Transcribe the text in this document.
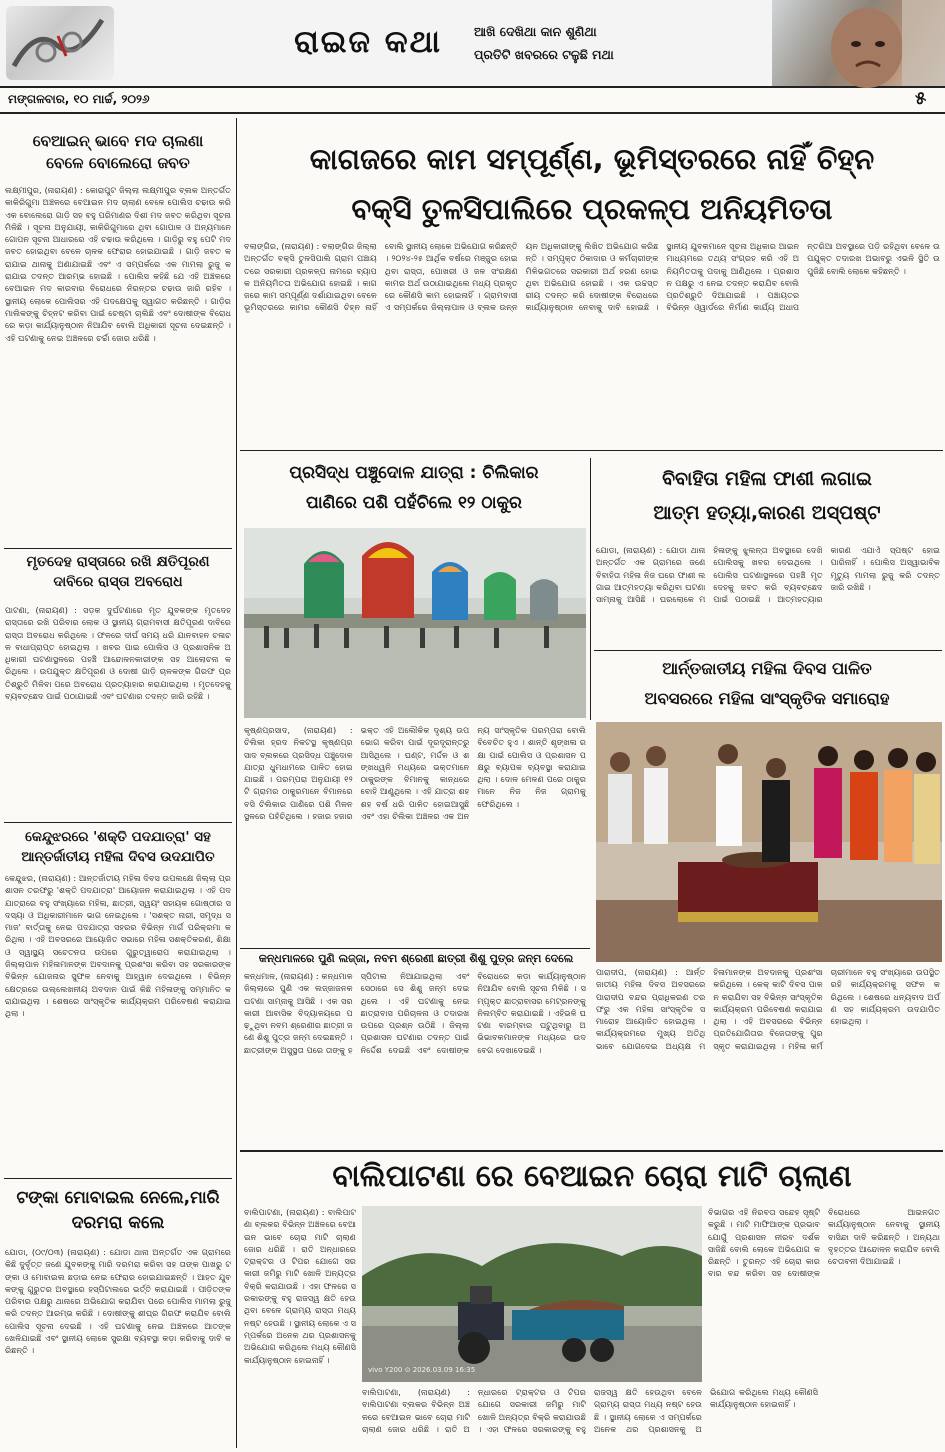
ରାଇଜ କଥା	ଆଖି ଦେଖିଥା କାନ ଶୁଣିଥା
ପ୍ରତିଟି ଖବରରେ ଟଳୁଛି ମଥା
ମଙ୍ଗଳବାର, ୧୦ ମାର୍ଚ୍ଚ, ୨୦୨୬	୫
ବେଆଇନ୍ ଭାବେ ମଦ ଚାଲଣା
ବେଳେ ବୋଲେରୋ ଜବତ
ଲକ୍ଷ୍ମୀପୁର, (ନାରାୟଣ) : କୋରାପୁଟ ଜିଲ୍ଲା ଲକ୍ଷ୍ମୀପୁର ବ୍ଲକ ଅନ୍ତର୍ଗତ କାକିରିଗୁମା ଅଞ୍ଚଳରେ ବେଆଇନ ମଦ ଚାଲାଣ ବେଳେ ପୋଲିସ ଚଢାଉ କରି ଏକ ବୋଲେରୋ ଗାଡ଼ି ସହ ବହୁ ପରିମାଣର ଦିଶୀ ମଦ ଜବତ କରିଥିବା ସୂଚନା ମିଳିଛି । ସୂଚନା ଅନୁଯାୟୀ, କାକିରିଗୁମାରେ ଥିବା ଗୋପାଳ ଓ ଅନ୍ୟମାନେ ଗୋପନ ସୂଚନା ଆଧାରରେ ଏହି ଚଢାଉ କରିଥିଲେ । ଗାଡ଼ିରୁ ବହୁ ପେଟି ମଦ ଜବତ ହୋଇଥିବା ବେଳେ ଚାଳକ ଫେରାର ହୋଇଯାଇଛି । ଗାଡ଼ି ଜବତ କରାଯାଇ ଥାନାକୁ ଅଣାଯାଇଛି ଏବଂ ଏ ସମ୍ପର୍କରେ ଏକ ମାମଲା ରୁଜୁ କରାଯାଇ ତଦନ୍ତ ଆରମ୍ଭ ହୋଇଛି । ପୋଲିସ କହିଛି ଯେ ଏହି ଅଞ୍ଚଳରେ ବେଆଇନ ମଦ କାରବାର ବିରୋଧରେ ନିରନ୍ତର ଚଢାଉ ଜାରି ରହିବ । ସ୍ଥାନୀୟ ଲୋକେ ପୋଲିସର ଏହି ପଦକ୍ଷେପକୁ ସ୍ୱାଗତ କରିଛନ୍ତି । ଗାଡ଼ିର ମାଲିକଙ୍କୁ ଚିହ୍ନଟ କରିବା ପାଇଁ ଚେଷ୍ଟା ଚାଲିଛି ଏବଂ ଦୋଷୀଙ୍କ ବିରୋଧରେ କଡ଼ା କାର୍ଯ୍ୟାନୁଷ୍ଠାନ ନିଆଯିବ ବୋଲି ଅଧିକାରୀ ସୂଚନା ଦେଇଛନ୍ତି । ଏହି ଘଟଣାକୁ ନେଇ ଅଞ୍ଚଳରେ ଚର୍ଚ୍ଚା ଜୋର ଧରିଛି ।
ମୃତଦେହ ରାସ୍ତାରେ ରଖି କ୍ଷତିପୂରଣ
ଦାବିରେ ରାସ୍ତା ଅବରୋଧ
ପାଟଣା, (ନାରାୟଣ) : ସଡ଼କ ଦୁର୍ଘଟଣାରେ ମୃତ ଯୁବକଙ୍କ ମୃତଦେହ ରାସ୍ତାରେ ରଖି ପରିବାର ଲୋକ ଓ ସ୍ଥାନୀୟ ଗ୍ରାମବାସୀ କ୍ଷତିପୂରଣ ଦାବିରେ ରାସ୍ତା ଅବରୋଧ କରିଥିଲେ । ଫଳରେ ଦୀର୍ଘ ସମୟ ଧରି ଯାନବାହନ ଚଳାଚଳ ବାଧାପ୍ରାପ୍ତ ହୋଇଥିଲା । ଖବର ପାଇ ପୋଲିସ ଓ ପ୍ରଶାସନିକ ଅଧିକାରୀ ଘଟଣାସ୍ଥଳରେ ପହଞ୍ଚି ଆନ୍ଦୋଳନକାରୀଙ୍କ ସହ ଆଲୋଚନା କରିଥିଲେ । ଉପଯୁକ୍ତ କ୍ଷତିପୂରଣ ଓ ଦୋଷୀ ଗାଡ଼ି ଚାଳକଙ୍କ ଗିରଫ ପ୍ରତିଶ୍ରୁତି ମିଳିବା ପରେ ଅବରୋଧ ପ୍ରତ୍ୟାହାର କରାଯାଇଥିଲା । ମୃତଦେହକୁ ବ୍ୟବଚ୍ଛେଦ ପାଇଁ ପଠାଯାଇଛି ଏବଂ ଘଟଣାର ତଦନ୍ତ ଜାରି ରହିଛି ।
କେନ୍ଦୁଝରରେ 'ଶକ୍ତି ପଦଯାତ୍ରା' ସହ
ଆନ୍ତର୍ଜାତୀୟ ମହିଳା ଦିବସ ଉଦଯାପିତ
କେନ୍ଦୁଝର, (ନାରାୟଣ) : ଆନ୍ତର୍ଜାତୀୟ ମହିଳା ଦିବସ ଉପଲକ୍ଷେ ଜିଲ୍ଲା ପ୍ରଶାସନ ତରଫରୁ 'ଶକ୍ତି ପଦଯାତ୍ରା' ଆୟୋଜନ କରାଯାଇଥିଲା । ଏହି ପଦଯାତ୍ରାରେ ବହୁ ସଂଖ୍ୟାରେ ମହିଳା, ଛାତ୍ରୀ, ସ୍ୱୟଂ ସହାୟକ ଗୋଷ୍ଠୀର ସଦସ୍ୟା ଓ ଅଧିକାରୀମାନେ ଭାଗ ନେଇଥିଲେ । 'ସଶକ୍ତ ନାରୀ, ସମୃଦ୍ଧ ସମାଜ' ବାର୍ତ୍ତାକୁ ନେଇ ପଦଯାତ୍ରା ସହରର ବିଭିନ୍ନ ମାର୍ଗ ପରିକ୍ରମା କରିଥିଲା । ଏହି ଅବସରରେ ଆୟୋଜିତ ସଭାରେ ମହିଳା ସଶକ୍ତିକରଣ, ଶିକ୍ଷା ଓ ସ୍ୱାସ୍ଥ୍ୟ ସଚେତନତା ଉପରେ ଗୁରୁତ୍ୱାରୋପ କରାଯାଇଥିଲା । ଜିଲ୍ଲାପାଳ ମହିଳାମାନଙ୍କ ଅବଦାନକୁ ପ୍ରଶଂସା କରିବା ସହ ସରକାରଙ୍କ ବିଭିନ୍ନ ଯୋଜନାର ସୁଫଳ ନେବାକୁ ଆହ୍ୱାନ ଦେଇଥିଲେ । ବିଭିନ୍ନ କ୍ଷେତ୍ରରେ ଉଲ୍ଲେଖନୀୟ ଅବଦାନ ପାଇଁ କିଛି ମହିଳାଙ୍କୁ ସମ୍ମାନିତ କରାଯାଇଥିଲା । ଶେଷରେ ସାଂସ୍କୃତିକ କାର୍ଯ୍ୟକ୍ରମ ପରିବେଷଣ କରାଯାଇଥିଲା ।
ଟଙ୍କା ମୋବାଇଲ ନେଲେ,ମାରି
ଦରମରା କଲେ
ଯୋଡା, (୦୯/୦୩) (ନାରାୟଣ) : ଯୋଡା ଥାନା ଅନ୍ତର୍ଗତ ଏକ ଗ୍ରାମରେ କିଛି ଦୁର୍ବୃତ୍ତ ଜଣେ ଯୁବକଙ୍କୁ ମାରି ଦରମରା କରିବା ସହ ତାଙ୍କ ପାଖରୁ ଟଙ୍କା ଓ ମୋବାଇଲ ଛଡ଼ାଇ ନେଇ ଫେରାର ହୋଇଯାଇଛନ୍ତି । ଆହତ ଯୁବକଙ୍କୁ ଗୁରୁତର ଅବସ୍ଥାରେ ହସ୍ପିଟାଲରେ ଭର୍ତ୍ତି କରାଯାଇଛି । ପୀଡ଼ିତଙ୍କ ପରିବାର ପକ୍ଷରୁ ଥାନାରେ ଅଭିଯୋଗ କରାଯିବା ପରେ ପୋଲିସ ମାମଲା ରୁଜୁ କରି ତଦନ୍ତ ଆରମ୍ଭ କରିଛି । ଦୋଷୀଙ୍କୁ ଶୀଘ୍ର ଗିରଫ କରାଯିବ ବୋଲି ପୋଲିସ ସୂଚନା ଦେଇଛି । ଏହି ଘଟଣାକୁ ନେଇ ଅଞ୍ଚଳରେ ଆତଙ୍କ ଖେଳିଯାଇଛି ଏବଂ ସ୍ଥାନୀୟ ଲୋକେ ସୁରକ୍ଷା ବ୍ୟବସ୍ଥା କଡ଼ା କରିବାକୁ ଦାବି କରିଛନ୍ତି ।
କାଗଜରେ କାମ ସମ୍ପୂର୍ଣ୍ଣ, ଭୂମିସ୍ତରରେ ନାହିଁ ଚିହ୍ନ
ବକ୍ସି ତୁଳସିପାଲିରେ ପ୍ରକଳ୍ପ ଅନିୟମିତତା
ବଲାଙ୍ଗିର, (ନାରାୟଣ) : ବଲାଙ୍ଗିର ଜିଲ୍ଲା ଅନ୍ତର୍ଗତ ବକ୍ସି ତୁଳସିପାଲି ଗ୍ରାମ ପଞ୍ଚାୟତରେ ସରକାରୀ ପ୍ରକଳ୍ପ ନାମରେ ବ୍ୟାପକ ଅନିୟମିତତା ଅଭିଯୋଗ ହୋଇଛି । କାଗଜରେ କାମ ସମ୍ପୂର୍ଣ୍ଣ ଦର୍ଶାଯାଇଥିବା ବେଳେ ଭୂମିସ୍ତରରେ କାମର କୌଣସି ଚିହ୍ନ ନାହିଁ ବୋଲି ସ୍ଥାନୀୟ ଲୋକେ ଅଭିଯୋଗ କରିଛନ୍ତି । ୨୦୨୪-୨୫ ଆର୍ଥିକ ବର୍ଷରେ ମଞ୍ଜୁର ହୋଇଥିବା ରାସ୍ତା, ପୋଖରୀ ଓ ଜଳ ସଂରକ୍ଷଣ କାମର ଅର୍ଥ ଉଠାଯାଇଥିଲେ ମଧ୍ୟ ପ୍ରକୃତରେ କୌଣସି କାମ ହୋଇନାହିଁ । ଗ୍ରାମବାସୀ ଏ ସମ୍ପର୍କରେ ଜିଲ୍ଲାପାଳ ଓ ବ୍ଲକ ଉନ୍ନୟନ ଅଧିକାରୀଙ୍କୁ ଲିଖିତ ଅଭିଯୋଗ କରିଛନ୍ତି । ସମ୍ପୃକ୍ତ ଠିକାଦାର ଓ କର୍ମଚାରୀଙ୍କ ମିଳିଭଗତରେ ସରକାରୀ ଅର୍ଥ ହରଣ ହୋଇଥିବା ଅଭିଯୋଗ ହୋଇଛି । ଏକ ଉଚ୍ଚସ୍ତରୀୟ ତଦନ୍ତ କରି ଦୋଷୀଙ୍କ ବିରୋଧରେ କାର୍ଯ୍ୟାନୁଷ୍ଠାନ ନେବାକୁ ଦାବି ହୋଇଛି । ସ୍ଥାନୀୟ ଯୁବକମାନେ ସୂଚନା ଅଧିକାର ଆଇନ ମାଧ୍ୟମରେ ତଥ୍ୟ ସଂଗ୍ରହ କରି ଏହି ଅନିୟମିତତାକୁ ପଦାକୁ ଆଣିଥିଲେ । ପ୍ରଶାସନ ପକ୍ଷରୁ ଏ ନେଇ ତଦନ୍ତ କରାଯିବ ବୋଲି ପ୍ରତିଶ୍ରୁତି ଦିଆଯାଇଛି । ପଞ୍ଚାୟତର ବିଭିନ୍ନ ଓ୍ୱାର୍ଡରେ ନିର୍ମାଣ କାର୍ଯ୍ୟ ଅଧାପନ୍ତରିଆ ଅବସ୍ଥାରେ ପଡ଼ି ରହିଥିବା ବେଳେ ଉପଯୁକ୍ତ ତଦାରଖ ଅଭାବରୁ ଏଭଳି ସ୍ଥିତି ଉପୁଜିଛି ବୋଲି ଲୋକେ କହିଛନ୍ତି ।
ପ୍ରସିଦ୍ଧ ପଞ୍ଚୁଦୋଳ ଯାତ୍ରା : ଚିଲିକାର
ପାଣିରେ ପଶି ପହଁଚିଲେ ୧୨ ଠାକୁର
ବିବାହିତା ମହିଳା ଫାଶୀ ଲଗାଇ
ଆତ୍ମ ହତ୍ୟା,କାରଣ ଅସ୍ପଷ୍ଟ
ଯୋଡା, (ନାରାୟଣ) : ଯୋଡା ଥାନା ଅନ୍ତର୍ଗତ ଏକ ଗ୍ରାମରେ ଜଣେ ବିବାହିତା ମହିଳା ନିଜ ଘରେ ଫାଶୀ ଲଗାଇ ଆତ୍ମହତ୍ୟା କରିଥିବା ଘଟଣା ସାମ୍ନାକୁ ଆସିଛି । ଘରଲୋକେ ମହିଳାଙ୍କୁ ଝୁଲନ୍ତା ଅବସ୍ଥାରେ ଦେଖି ପୋଲିସକୁ ଖବର ଦେଇଥିଲେ । ପୋଲିସ ଘଟଣାସ୍ଥଳରେ ପହଞ୍ଚି ମୃତଦେହକୁ ଜବତ କରି ବ୍ୟବଚ୍ଛେଦ ପାଇଁ ପଠାଇଛି । ଆତ୍ମହତ୍ୟାର କାରଣ ଏଯାଏଁ ସ୍ପଷ୍ଟ ହୋଇପାରିନାହିଁ । ପୋଲିସ ଅସ୍ୱାଭାବିକ ମୃତ୍ୟୁ ମାମଲା ରୁଜୁ କରି ତଦନ୍ତ ଜାରି ରଖିଛି ।
ଆର୍ନ୍ତଜାତୀୟ ମହିଳା ଦିବସ ପାଳିତ
ଅବସରରେ ମହିଳା ସାଂସ୍କୃତିକ ସମାରୋହ
ପାରାଦୀପ, (ନାରାୟଣ) : ଆର୍ନ୍ତଜାତୀୟ ମହିଳା ଦିବସ ଅବସରରେ ପାରାଦୀପ ବନ୍ଦର ପ୍ରାଧିକରଣ ତରଫରୁ ଏକ ମହିଳା ସାଂସ୍କୃତିକ ସମାରୋହ ଆୟୋଜିତ ହୋଇଥିଲା । କାର୍ଯ୍ୟକ୍ରମରେ ମୁଖ୍ୟ ଅତିଥି ଭାବେ ଯୋଗଦେଇ ଅଧ୍ୟକ୍ଷ ମହିଳାମାନଙ୍କ ଅବଦାନକୁ ପ୍ରଶଂସା କରିଥିଲେ । କେକ୍ କାଟି ଦିବସ ପାଳନ କରାଯିବା ସହ ବିଭିନ୍ନ ସାଂସ୍କୃତିକ କାର୍ଯ୍ୟକ୍ରମ ପରିବେଷଣ କରାଯାଇଥିଲା । ଏହି ଅବସରରେ ବିଭିନ୍ନ ପ୍ରତିଯୋଗିତାର ବିଜେତାଙ୍କୁ ପୁରସ୍କୃତ କରାଯାଇଥିଲା । ମହିଳା କର୍ମଚାରୀମାନେ ବହୁ ସଂଖ୍ୟାରେ ଉପସ୍ଥିତ ରହି କାର୍ଯ୍ୟକ୍ରମକୁ ସଫଳ କରିଥିଲେ । ଶେଷରେ ଧନ୍ୟବାଦ ଅର୍ପଣ ସହ କାର୍ଯ୍ୟକ୍ରମ ଉଦଯାପିତ ହୋଇଥିଲା ।
କୃଷ୍ଣପ୍ରସାଦ, (ନାରାୟଣ) : ଚିଲିକା ହ୍ରଦ ନିକଟସ୍ଥ କୃଷ୍ଣପ୍ରସାଦ ବ୍ଲକରେ ପ୍ରସିଦ୍ଧ ପଞ୍ଚୁଦୋଳ ଯାତ୍ରା ଧୁମଧାମରେ ପାଳିତ ହୋଇଯାଇଛି । ପରମ୍ପରା ଅନୁଯାୟୀ ୧୨ଟି ଗ୍ରାମର ଠାକୁରମାନେ ବିମାନରେ ବସି ଚିଲିକାର ପାଣିରେ ପଶି ମିଳନ ସ୍ଥଳରେ ପହଁଚିଥିଲେ । ହଜାର ହଜାର ଭକ୍ତ ଏହି ଅଲୌକିକ ଦୃଶ୍ୟ ଉପଭୋଗ କରିବା ପାଇଁ ଦୂରଦୂରାନ୍ତରୁ ଆସିଥିଲେ । ଘଣ୍ଟ, ମର୍ଦ୍ଦଳ ଓ ଶଙ୍ଖଧ୍ୱନି ମଧ୍ୟରେ ଭକ୍ତମାନେ ଠାକୁରଙ୍କ ବିମାନକୁ କାନ୍ଧରେ ବୋହି ଆଣୁଥିଲେ । ଏହି ଯାତ୍ରା ଶହ ଶହ ବର୍ଷ ଧରି ପାଳିତ ହୋଇଆସୁଛି ଏବଂ ଏହା ଚିଲିକା ଅଞ୍ଚଳର ଏକ ଅନନ୍ୟ ସାଂସ୍କୃତିକ ପରମ୍ପରା ବୋଲି ବିବେଚିତ ହୁଏ । ଶାନ୍ତି ଶୃଙ୍ଖଳା ରକ୍ଷା ପାଇଁ ପୋଲିସ ଓ ପ୍ରଶାସନ ପକ୍ଷରୁ ବ୍ୟାପକ ବ୍ୟବସ୍ଥା କରାଯାଇଥିଲା । ଦୋଳ ମେଳଣ ପରେ ଠାକୁରମାନେ ନିଜ ନିଜ ଗ୍ରାମକୁ ଫେରିଥିଲେ ।
କନ୍ଧମାଳରେ ପୁଣି ଲଜ୍ଜା, ନବମ ଶ୍ରେଣୀ ଛାତ୍ରୀ ଶିଶୁ ପୁତ୍ର ଜନ୍ମ ଦେଲେ
କନ୍ଧମାଳ, (ନାରାୟଣ) : କନ୍ଧମାଳ ଜିଲ୍ଲାରେ ପୁଣି ଏକ ଲଜ୍ଜାଜନକ ଘଟଣା ସାମ୍ନାକୁ ଆସିଛି । ଏକ ସରକାରୀ ଆବାସିକ ବିଦ୍ୟାଳୟରେ ପଢ଼ୁଥିବା ନବମ ଶ୍ରେଣୀର ଛାତ୍ରୀ ଜଣେ ଶିଶୁ ପୁତ୍ର ଜନ୍ମ ଦେଇଛନ୍ତି । ଛାତ୍ରୀଙ୍କ ଅସୁସ୍ଥତା ପରେ ତାଙ୍କୁ ହସ୍ପିଟାଲ ନିଆଯାଇଥିଲା ଏବଂ ସେଠାରେ ସେ ଶିଶୁ ଜନ୍ମ ଦେଇଥିଲେ । ଏହି ଘଟଣାକୁ ନେଇ ଛାତ୍ରାବାସ ପରିଚାଳନା ଓ ତଦାରଖ ଉପରେ ପ୍ରଶ୍ନ ଉଠିଛି । ଜିଲ୍ଲା ପ୍ରଶାସନ ଘଟଣାର ତଦନ୍ତ ପାଇଁ ନିର୍ଦ୍ଦେଶ ଦେଇଛି ଏବଂ ଦୋଷୀଙ୍କ ବିରୋଧରେ କଡ଼ା କାର୍ଯ୍ୟାନୁଷ୍ଠାନ ନିଆଯିବ ବୋଲି ସୂଚନା ମିଳିଛି । ସମ୍ପୃକ୍ତ ଛାତ୍ରାବାସର ମେଟ୍ରନଙ୍କୁ ନିଲମ୍ବିତ କରାଯାଇଛି । ଏହିଭଳି ଘଟଣା ବାରମ୍ବାର ଘଟୁଥିବାରୁ ଅଭିଭାବକମାନଙ୍କ ମଧ୍ୟରେ ଉଦବେଗ ଦେଖାଦେଇଛି ।
ବାଲିପାଟଣା ରେ ବେଆଇନ ଚୋରା ମାଟି ଚାଲାଣ
ବାଲିପାଟଣା, (ନାରାୟଣ) : ବାଲିପାଟଣା ବ୍ଲକର ବିଭିନ୍ନ ଅଞ୍ଚଳରେ ବେଆଇନ ଭାବେ ଚୋରା ମାଟି ଚାଲାଣ ଜୋର ଧରିଛି । ରାତି ଅନ୍ଧାରରେ ଟ୍ରାକ୍ଟର ଓ ଟିପର ଯୋଗେ ସରକାରୀ ଜମିରୁ ମାଟି ଖୋଳି ଅନ୍ୟତ୍ର ବିକ୍ରି କରାଯାଉଛି । ଏହା ଫଳରେ ସରକାରଙ୍କୁ ବହୁ ରାଜସ୍ୱ କ୍ଷତି ହେଉଥିବା ବେଳେ ଗ୍ରାମ୍ୟ ରାସ୍ତା ମଧ୍ୟ ନଷ୍ଟ ହେଉଛି । ସ୍ଥାନୀୟ ଲୋକେ ଏ ସମ୍ପର୍କରେ ଅନେକ ଥର ପ୍ରଶାସନକୁ ଅଭିଯୋଗ କରିଥିଲେ ମଧ୍ୟ କୌଣସି କାର୍ଯ୍ୟାନୁଷ୍ଠାନ ହୋଇନାହିଁ ।
vivo Y200 ⊙ 2026.03.09 16:35
ବାଲିପାଟଣା, (ନାରାୟଣ) : ବାଲିପାଟଣା ବ୍ଲକର ବିଭିନ୍ନ ଅଞ୍ଚଳରେ ବେଆଇନ ଭାବେ ଚୋରା ମାଟି ଚାଲାଣ ଜୋର ଧରିଛି । ରାତି ଅନ୍ଧାରରେ ଟ୍ରାକ୍ଟର ଓ ଟିପର ଯୋଗେ ସରକାରୀ ଜମିରୁ ମାଟି ଖୋଳି ଅନ୍ୟତ୍ର ବିକ୍ରି କରାଯାଉଛି । ଏହା ଫଳରେ ସରକାରଙ୍କୁ ବହୁ ରାଜସ୍ୱ କ୍ଷତି ହେଉଥିବା ବେଳେ ଗ୍ରାମ୍ୟ ରାସ୍ତା ମଧ୍ୟ ନଷ୍ଟ ହେଉଛି । ସ୍ଥାନୀୟ ଲୋକେ ଏ ସମ୍ପର୍କରେ ଅନେକ ଥର ପ୍ରଶାସନକୁ ଅଭିଯୋଗ କରିଥିଲେ ମଧ୍ୟ କୌଣସି କାର୍ଯ୍ୟାନୁଷ୍ଠାନ ହୋଇନାହିଁ ।
ବିଭାଗର ଏହି ନିରବତା ସନ୍ଦେହ ସୃଷ୍ଟି କରୁଛି । ମାଟି ମାଫିଆଙ୍କ ପ୍ରଭାବ ଯୋଗୁଁ ପ୍ରଶାସନ ନୀରବ ଦର୍ଶକ ସାଜିଛି ବୋଲି ଲୋକେ ଅଭିଯୋଗ କରିଛନ୍ତି । ତୁରନ୍ତ ଏହି ଚୋରା କାରବାର ବନ୍ଦ କରିବା ସହ ଦୋଷୀଙ୍କ ବିରୋଧରେ ଆଇନଗତ କାର୍ଯ୍ୟାନୁଷ୍ଠାନ ନେବାକୁ ସ୍ଥାନୀୟ ବାସିନ୍ଦା ଦାବି କରିଛନ୍ତି । ଅନ୍ୟଥା ବୃହତ୍ତର ଆନ୍ଦୋଳନ କରାଯିବ ବୋଲି ଚେତାବନୀ ଦିଆଯାଇଛି ।
